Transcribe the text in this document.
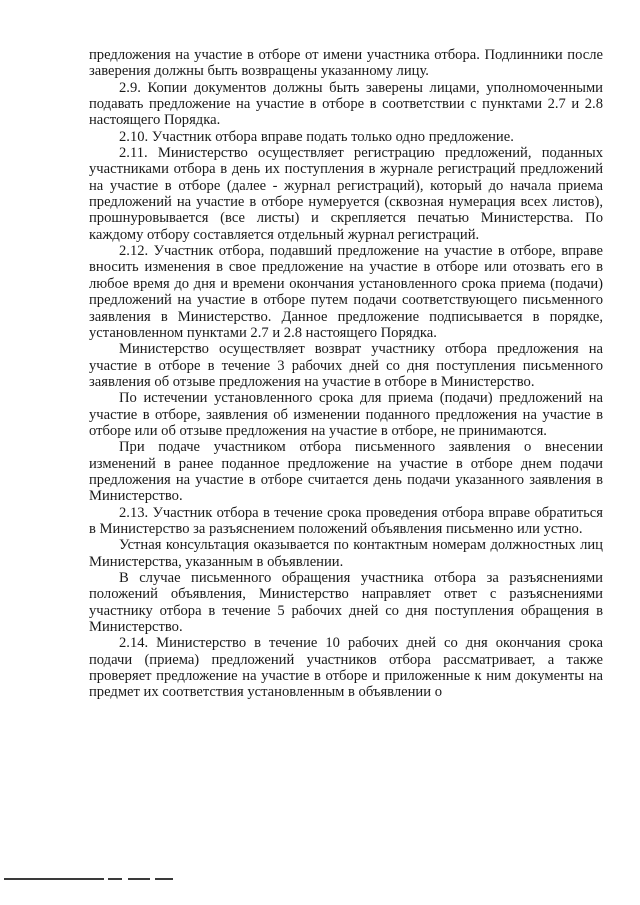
предложения на участие в отборе от имени участника отбора. Подлинники после заверения должны быть возвращены указанному лицу.

2.9. Копии документов должны быть заверены лицами, уполномоченными подавать предложение на участие в отборе в соответствии с пунктами 2.7 и 2.8 настоящего Порядка.

2.10. Участник отбора вправе подать только одно предложение.

2.11. Министерство осуществляет регистрацию предложений, поданных участниками отбора в день их поступления в журнале регистраций предложений на участие в отборе (далее - журнал регистраций), который до начала приема предложений на участие в отборе нумеруется (сквозная нумерация всех листов), прошнуровывается (все листы) и скрепляется печатью Министерства. По каждому отбору составляется отдельный журнал регистраций.

2.12. Участник отбора, подавший предложение на участие в отборе, вправе вносить изменения в свое предложение на участие в отборе или отозвать его в любое время до дня и времени окончания установленного срока приема (подачи) предложений на участие в отборе путем подачи соответствующего письменного заявления в Министерство. Данное предложение подписывается в порядке, установленном пунктами 2.7 и 2.8 настоящего Порядка.

Министерство осуществляет возврат участнику отбора предложения на участие в отборе в течение 3 рабочих дней со дня поступления письменного заявления об отзыве предложения на участие в отборе в Министерство.

По истечении установленного срока для приема (подачи) предложений на участие в отборе, заявления об изменении поданного предложения на участие в отборе или об отзыве предложения на участие в отборе, не принимаются.

При подаче участником отбора письменного заявления о внесении изменений в ранее поданное предложение на участие в отборе днем подачи предложения на участие в отборе считается день подачи указанного заявления в Министерство.

2.13. Участник отбора в течение срока проведения отбора вправе обратиться в Министерство за разъяснением положений объявления письменно или устно.

Устная консультация оказывается по контактным номерам должностных лиц Министерства, указанным в объявлении.

В случае письменного обращения участника отбора за разъяснениями положений объявления, Министерство направляет ответ с разъяснениями участнику отбора в течение 5 рабочих дней со дня поступления обращения в Министерство.

2.14. Министерство в течение 10 рабочих дней со дня окончания срока подачи (приема) предложений участников отбора рассматривает, а также проверяет предложение на участие в отборе и приложенные к ним документы на предмет их соответствия установленным в объявлении о
